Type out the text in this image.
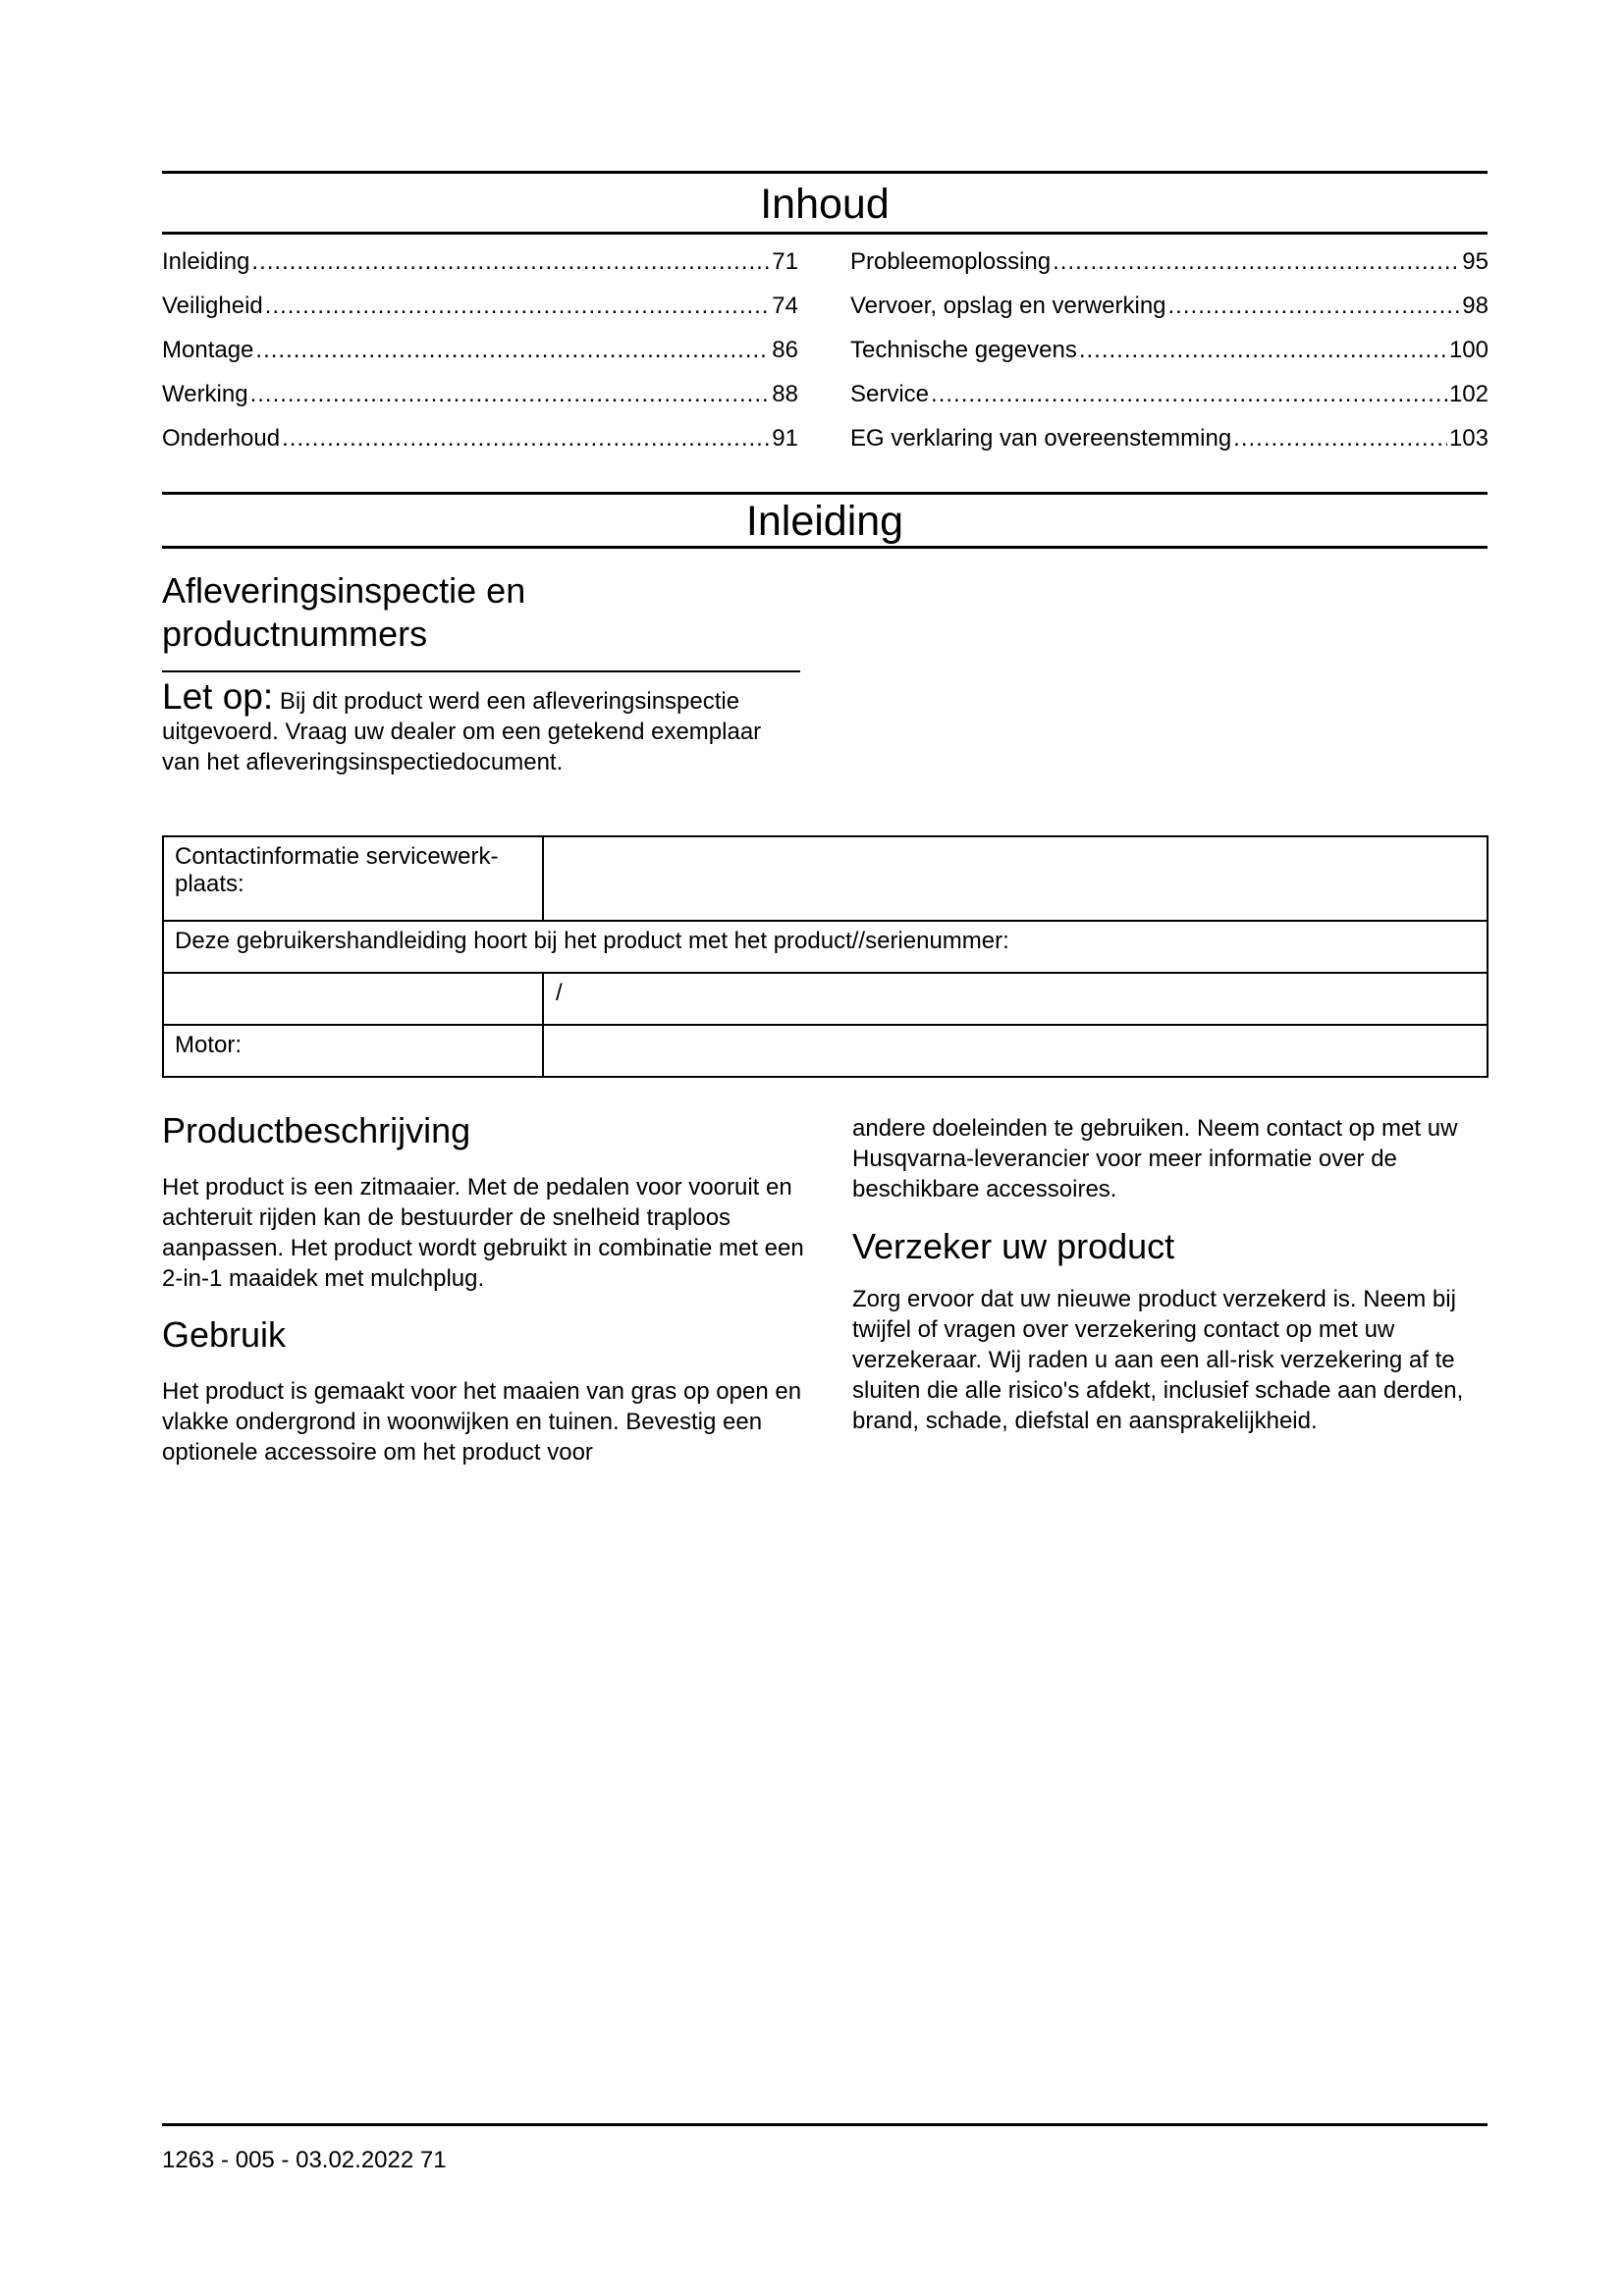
Inhoud
Inleiding .....	71
Veiligheid .....	74
Montage .....	86
Werking .....	88
Onderhoud .....	91
Probleemoplossing .....	95
Vervoer, opslag en verwerking .....	98
Technische gegevens .....	100
Service .....	102
EG verklaring van overeenstemming .....	103
Inleiding
Afleveringsinspectie en
productnummers
Let op: Bij dit product werd een afleveringsinspectie uitgevoerd. Vraag uw dealer om een getekend exemplaar van het afleveringsinspectiedocument.
Contactinformatie servicewerk-plaats:	
Deze gebruikershandleiding hoort bij het product met het product//serienummer:	
	/
Motor:	
Productbeschrijving

Het product is een zitmaaier. Met de pedalen voor vooruit en achteruit rijden kan de bestuurder de snelheid traploos aanpassen. Het product wordt gebruikt in combinatie met een 2-in-1 maaidek met mulchplug.

Gebruik

Het product is gemaakt voor het maaien van gras op open en vlakke ondergrond in woonwijken en tuinen. Bevestig een optionele accessoire om het product voor

andere doeleinden te gebruiken. Neem contact op met uw Husqvarna-leverancier voor meer informatie over de beschikbare accessoires.

Verzeker uw product

Zorg ervoor dat uw nieuwe product verzekerd is. Neem bij twijfel of vragen over verzekering contact op met uw verzekeraar. Wij raden u aan een all-risk verzekering af te sluiten die alle risico's afdekt, inclusief schade aan derden, brand, schade, diefstal en aansprakelijkheid.

1263 - 005 - 03.02.2022 71
